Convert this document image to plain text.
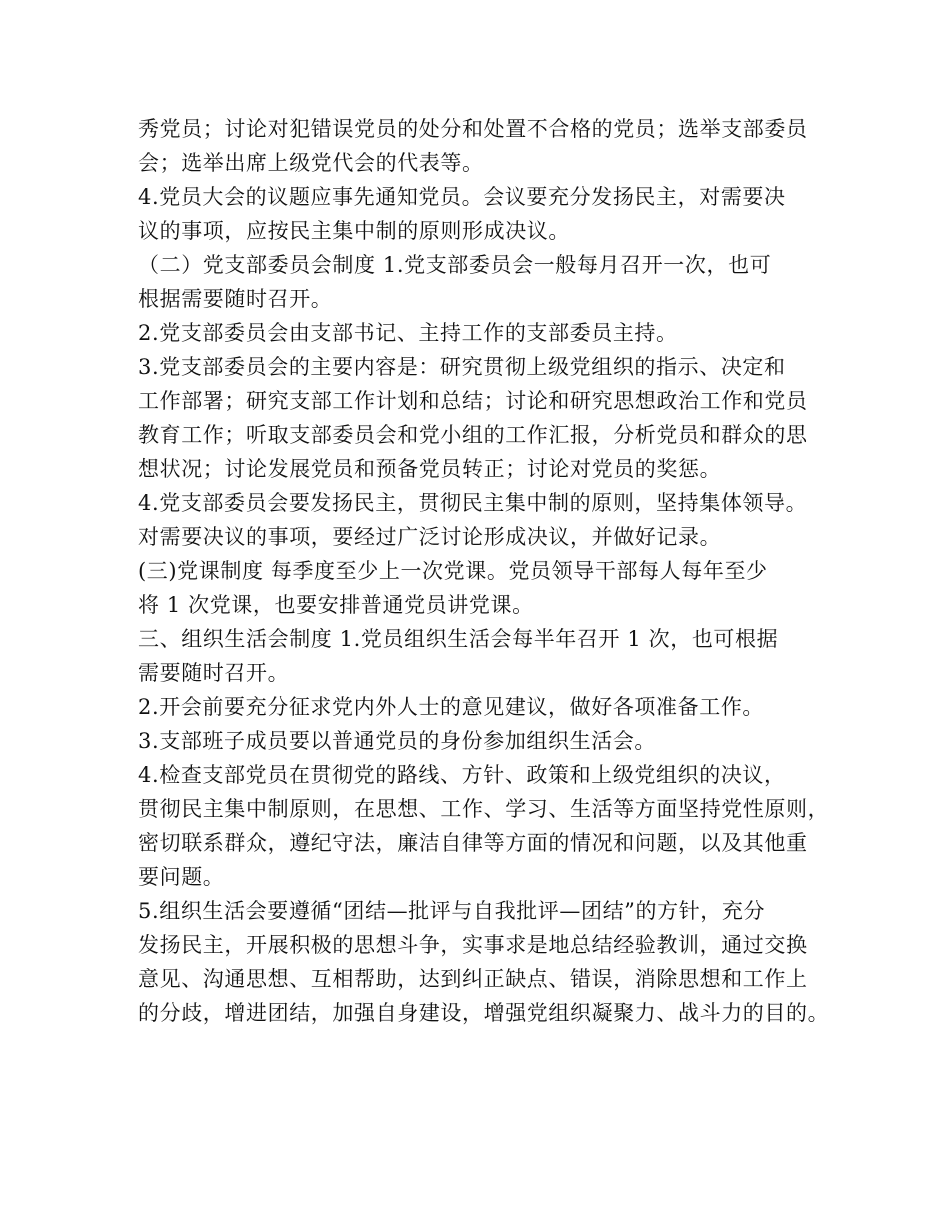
秀党员；讨论对犯错误党员的处分和处置不合格的党员；选举支部委员
会；选举出席上级党代会的代表等。
4.党员大会的议题应事先通知党员。会议要充分发扬民主，对需要决
议的事项，应按民主集中制的原则形成决议。
（二）党支部委员会制度 1.党支部委员会一般每月召开一次，也可
根据需要随时召开。
2.党支部委员会由支部书记、主持工作的支部委员主持。
3.党支部委员会的主要内容是：研究贯彻上级党组织的指示、决定和
工作部署；研究支部工作计划和总结；讨论和研究思想政治工作和党员
教育工作；听取支部委员会和党小组的工作汇报，分析党员和群众的思
想状况；讨论发展党员和预备党员转正；讨论对党员的奖惩。
4.党支部委员会要发扬民主，贯彻民主集中制的原则，坚持集体领导。
对需要决议的事项，要经过广泛讨论形成决议，并做好记录。
(三)党课制度 每季度至少上一次党课。党员领导干部每人每年至少
将 1 次党课，也要安排普通党员讲党课。
三、组织生活会制度 1.党员组织生活会每半年召开 1 次，也可根据
需要随时召开。
2.开会前要充分征求党内外人士的意见建议，做好各项准备工作。
3.支部班子成员要以普通党员的身份参加组织生活会。
4.检查支部党员在贯彻党的路线、方针、政策和上级党组织的决议，
贯彻民主集中制原则，在思想、工作、学习、生活等方面坚持党性原则，
密切联系群众，遵纪守法，廉洁自律等方面的情况和问题，以及其他重
要问题。
5.组织生活会要遵循“团结—批评与自我批评—团结”的方针，充分
发扬民主，开展积极的思想斗争，实事求是地总结经验教训，通过交换
意见、沟通思想、互相帮助，达到纠正缺点、错误，消除思想和工作上
的分歧，增进团结，加强自身建设，增强党组织凝聚力、战斗力的目的。
